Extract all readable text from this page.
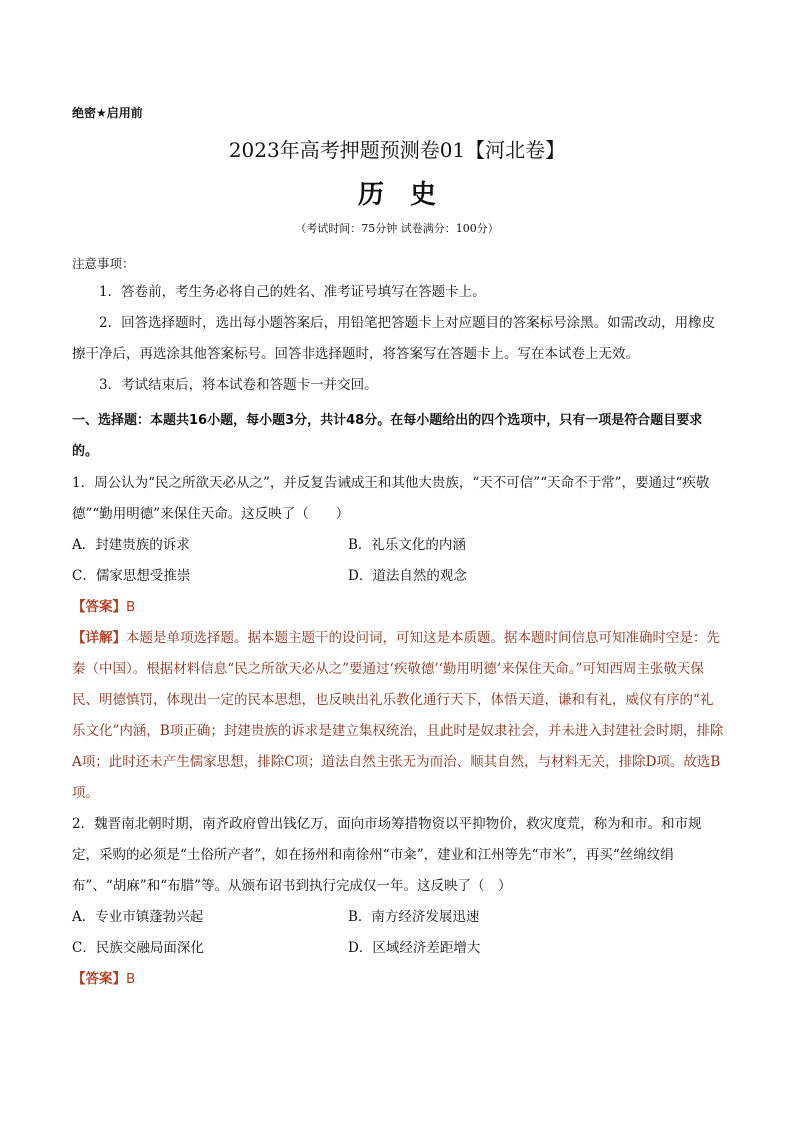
绝密★启用前
2023年高考押题预测卷01【河北卷】
历史
（考试时间：75分钟 试卷满分：100分）
注意事项：

1．答卷前，考生务必将自己的姓名、准考证号填写在答题卡上。

2．回答选择题时，选出每小题答案后，用铅笔把答题卡上对应题目的答案标号涂黑。如需改动，用橡皮擦干净后，再选涂其他答案标号。回答非选择题时，将答案写在答题卡上。写在本试卷上无效。

3．考试结束后，将本试卷和答题卡一并交回。

一、选择题：本题共16小题，每小题3分，共计48分。在每小题给出的四个选项中，只有一项是符合题目要求的。

1．周公认为“民之所欲天必从之”，并反复告诫成王和其他大贵族，“天不可信”“天命不于常”，要通过“疾敬德”“勤用明德”来保住天命。这反映了（　　）

A．封建贵族的诉求	B．礼乐文化的内涵
C．儒家思想受推崇	D．道法自然的观念
【答案】B

【详解】本题是单项选择题。据本题主题干的设问词，可知这是本质题。据本题时间信息可知准确时空是：先秦（中国）。根据材料信息“民之所欲天必从之”要通过‘疾敬德’‘勤用明德’来保住天命。”可知西周主张敬天保民、明德慎罚，体现出一定的民本思想，也反映出礼乐教化通行天下，体悟天道，谦和有礼，威仪有序的“礼乐文化”内涵，B项正确；封建贵族的诉求是建立集权统治，且此时是奴隶社会，并未进入封建社会时期，排除A项；此时还未产生儒家思想，排除C项；道法自然主张无为而治、顺其自然，与材料无关，排除D项。故选B项。

2．魏晋南北朝时期，南齐政府曾出钱亿万，面向市场筹措物资以平抑物价，救灾度荒，称为和市。和市规定，采购的必须是“土俗所产者”，如在扬州和南徐州“市籴”，建业和江州等先“市米”，再买“丝绵纹绢布”、“胡麻”和“布腊”等。从颁布诏书到执行完成仅一年。这反映了（　）

A．专业市镇蓬勃兴起	B．南方经济发展迅速
C．民族交融局面深化	D．区域经济差距增大
【答案】B
